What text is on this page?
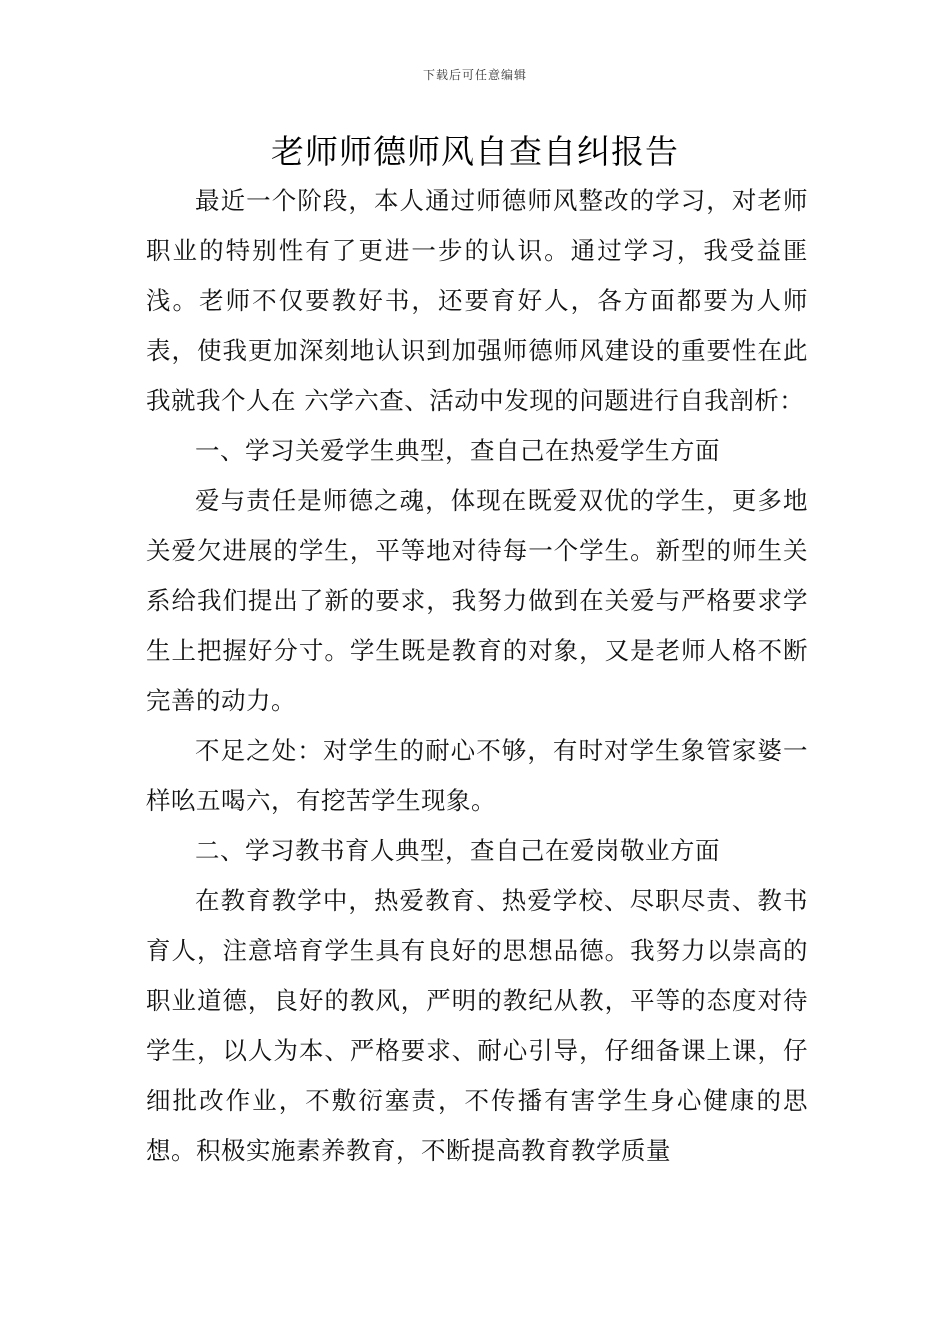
下载后可任意编辑
老师师德师风自查自纠报告

最近一个阶段，本人通过师德师风整改的学习，对老师职业的特别性有了更进一步的认识。通过学习，我受益匪浅。老师不仅要教好书，还要育好人，各方面都要为人师表，使我更加深刻地认识到加强师德师风建设的重要性在此我就我个人在 六学六查、活动中发现的问题进行自我剖析：

一、学习关爱学生典型，查自己在热爱学生方面

爱与责任是师德之魂，体现在既爱双优的学生，更多地关爱欠进展的学生，平等地对待每一个学生。新型的师生关系给我们提出了新的要求，我努力做到在关爱与严格要求学生上把握好分寸。学生既是教育的对象，又是老师人格不断完善的动力。

不足之处：对学生的耐心不够，有时对学生象管家婆一样吆五喝六，有挖苦学生现象。

二、学习教书育人典型，查自己在爱岗敬业方面

在教育教学中，热爱教育、热爱学校、尽职尽责、教书育人，注意培育学生具有良好的思想品德。我努力以崇高的职业道德，良好的教风，严明的教纪从教，平等的态度对待学生，以人为本、严格要求、耐心引导，仔细备课上课，仔细批改作业，不敷衍塞责，不传播有害学生身心健康的思想。积极实施素养教育，不断提高教育教学质量
